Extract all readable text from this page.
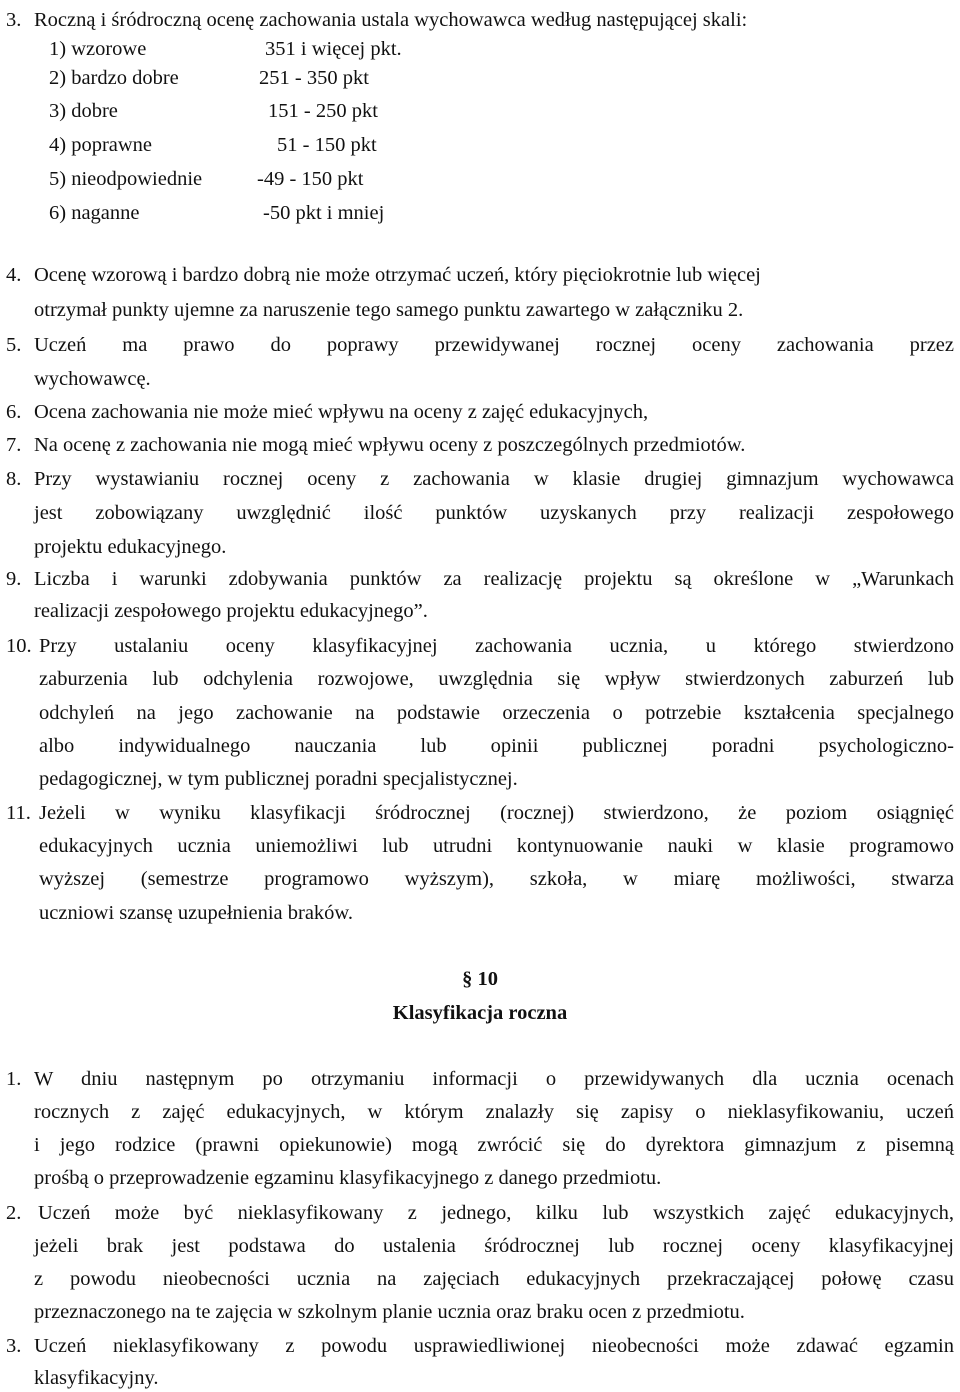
3. Roczną i śródroczną ocenę zachowania ustala wychowawca według następującej skali:
1) wzorowe	351 i więcej pkt.
2) bardzo dobre	251 - 350 pkt
3) dobre	151 - 250 pkt
4) poprawne	51 - 150 pkt
5) nieodpowiednie	-49 - 150 pkt
6) naganne	-50 pkt i mniej
4. Ocenę wzorową i bardzo dobrą nie może otrzymać uczeń, który pięciokrotnie lub więcej
otrzymał punkty ujemne za naruszenie tego samego punktu zawartego w załączniku 2.
5. Uczeń ma prawo do poprawy przewidywanej rocznej oceny zachowania przez
wychowawcę.
6. Ocena zachowania nie może mieć wpływu na oceny z zajęć edukacyjnych,
7. Na ocenę z zachowania nie mogą mieć wpływu oceny z poszczególnych przedmiotów.
8. Przy wystawianiu rocznej oceny z zachowania w klasie drugiej gimnazjum wychowawca
jest zobowiązany uwzględnić ilość punktów uzyskanych przy realizacji zespołowego
projektu edukacyjnego.
9. Liczba i warunki zdobywania punktów za realizację projektu są określone w „Warunkach
realizacji zespołowego projektu edukacyjnego”.
10. Przy ustalaniu oceny klasyfikacyjnej zachowania ucznia, u którego stwierdzono
zaburzenia lub odchylenia rozwojowe, uwzględnia się wpływ stwierdzonych zaburzeń lub
odchyleń na jego zachowanie na podstawie orzeczenia o potrzebie kształcenia specjalnego
albo indywidualnego nauczania lub opinii publicznej poradni psychologiczno-
pedagogicznej, w tym publicznej poradni specjalistycznej.
11. Jeżeli w wyniku klasyfikacji śródrocznej (rocznej) stwierdzono, że poziom osiągnięć
edukacyjnych ucznia uniemożliwi lub utrudni kontynuowanie nauki w klasie programowo
wyższej (semestrze programowo wyższym), szkoła, w miarę możliwości, stwarza
uczniowi szansę uzupełnienia braków.
§ 10
Klasyfikacja roczna
1. W dniu następnym po otrzymaniu informacji o przewidywanych dla ucznia ocenach
rocznych z zajęć edukacyjnych, w którym znalazły się zapisy o nieklasyfikowaniu, uczeń
i jego rodzice (prawni opiekunowie) mogą zwrócić się do dyrektora gimnazjum z pisemną
prośbą o przeprowadzenie egzaminu klasyfikacyjnego z danego przedmiotu.
2. Uczeń może być nieklasyfikowany z jednego, kilku lub wszystkich zajęć edukacyjnych,
jeżeli brak jest podstawa do ustalenia śródrocznej lub rocznej oceny klasyfikacyjnej
z powodu nieobecności ucznia na zajęciach edukacyjnych przekraczającej połowę czasu
przeznaczonego na te zajęcia w szkolnym planie ucznia oraz braku ocen z przedmiotu.
3. Uczeń nieklasyfikowany z powodu usprawiedliwionej nieobecności może zdawać egzamin
klasyfikacyjny.
